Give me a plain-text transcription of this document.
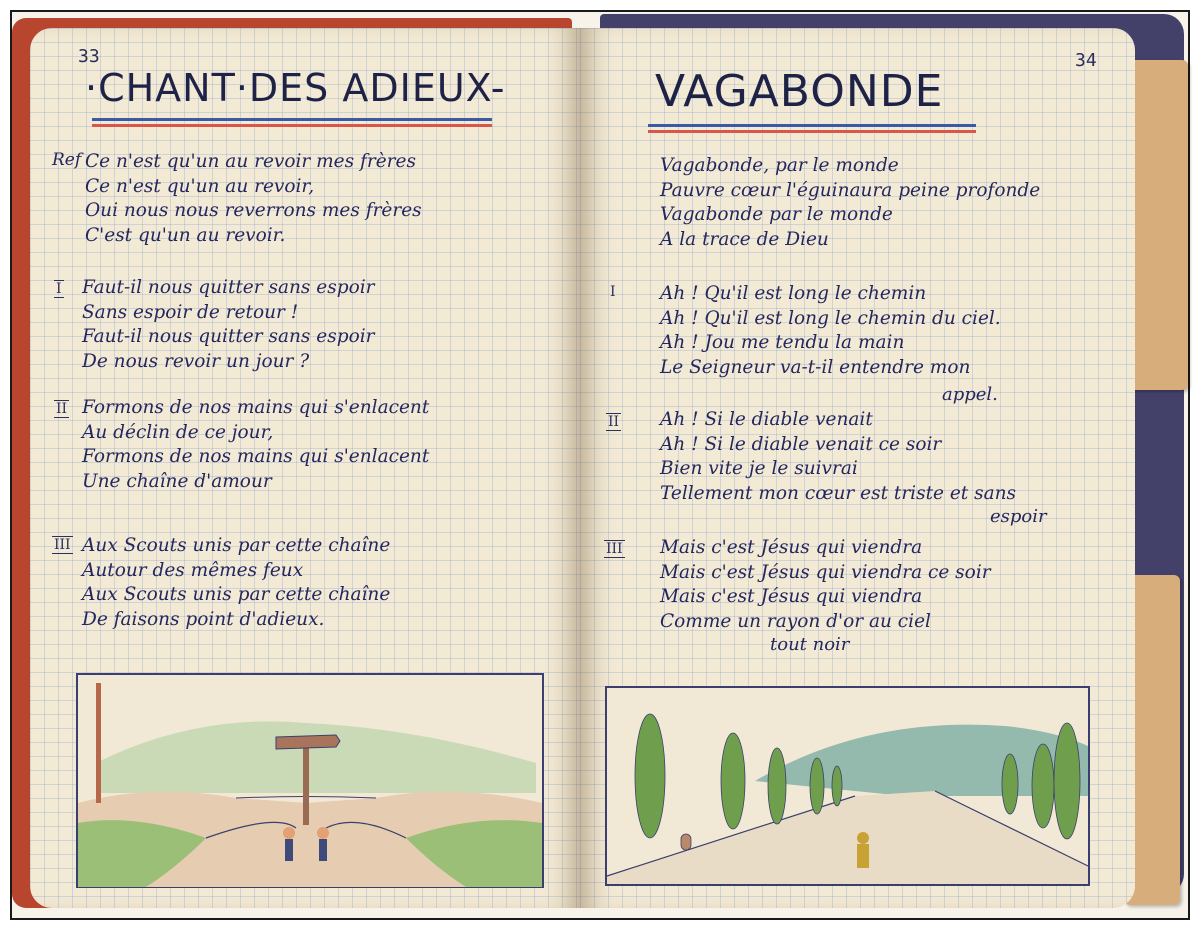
33
·CHANT·DES ADIEUX-
Ref Ce n'est qu'un au revoir mes frères
Ce n'est qu'un au revoir,
Oui nous nous reverrons mes frères
C'est qu'un au revoir.
I Faut-il nous quitter sans espoir
Sans espoir de retour !
Faut-il nous quitter sans espoir
De nous revoir un jour ?
II Formons de nos mains qui s'enlacent
Au déclin de ce jour,
Formons de nos mains qui s'enlacent
Une chaîne d'amour
III Aux Scouts unis par cette chaîne
Autour des mêmes feux
Aux Scouts unis par cette chaîne
De faisons point d'adieux.
34
VAGABONDE
Vagabonde, par le monde
Pauvre cœur l'éguinaura peine profonde
Vagabonde par le monde
A la trace de Dieu
I Ah ! Qu'il est long le chemin
Ah ! Qu'il est long le chemin du ciel.
Ah ! Jou me tendu la main
Le Seigneur va-t-il entendre mon
appel.
II Ah ! Si le diable venait
Ah ! Si le diable venait ce soir
Bien vite je le suivrai
Tellement mon cœur est triste et sans
espoir
III Mais c'est Jésus qui viendra
Mais c'est Jésus qui viendra ce soir
Mais c'est Jésus qui viendra
Comme un rayon d'or au ciel
tout noir
